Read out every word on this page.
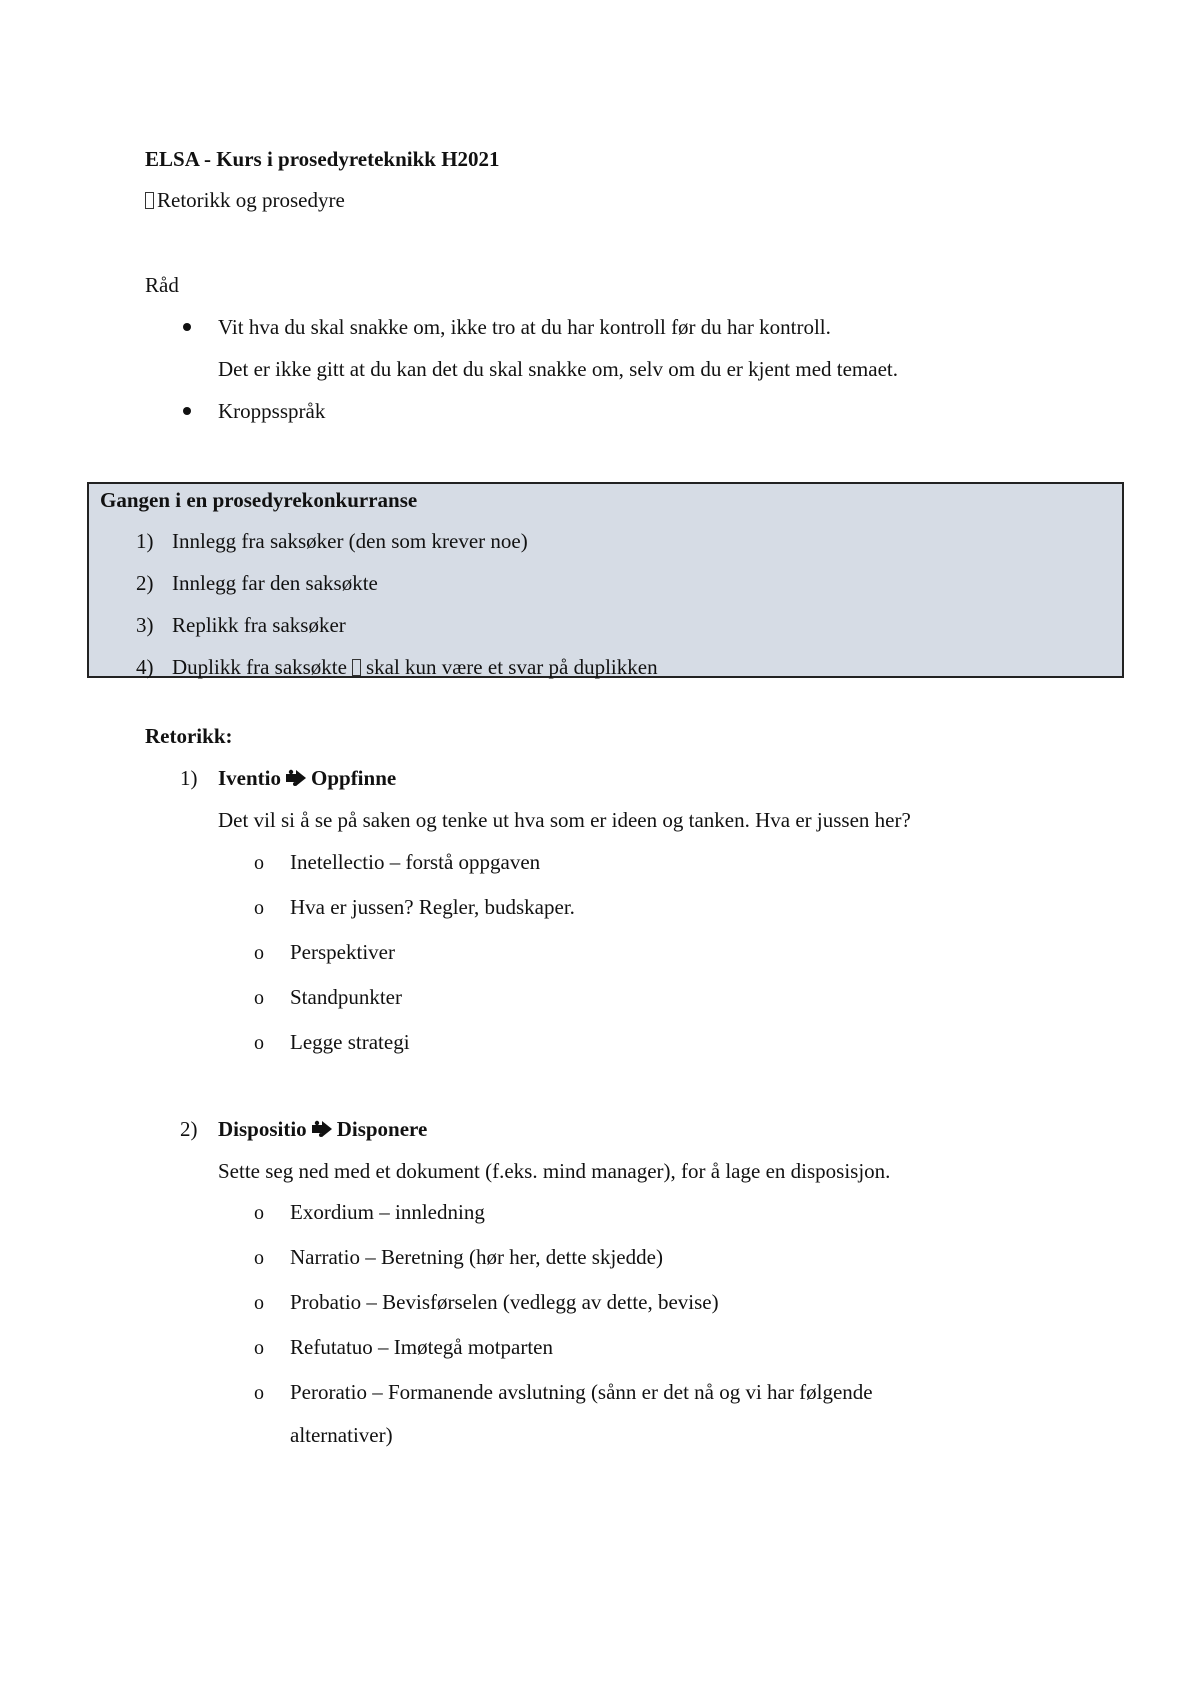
ELSA - Kurs i prosedyreteknikk H2021
Retorikk og prosedyre
Råd
Vit hva du skal snakke om, ikke tro at du har kontroll før du har kontroll.
Det er ikke gitt at du kan det du skal snakke om, selv om du er kjent med temaet.
Kroppsspråk
Gangen i en prosedyrekonkurranse
1) Innlegg fra saksøker (den som krever noe)
2) Innlegg far den saksøkte
3) Replikk fra saksøker
4) Duplikk fra saksøkte skal kun være et svar på duplikken
Retorikk:
1) Iventio Oppfinne
Det vil si å se på saken og tenke ut hva som er ideen og tanken. Hva er jussen her?
o Inetellectio – forstå oppgaven
o Hva er jussen? Regler, budskaper.
o Perspektiver
o Standpunkter
o Legge strategi
2) Dispositio Disponere
Sette seg ned med et dokument (f.eks. mind manager), for å lage en disposisjon.
o Exordium – innledning
o Narratio – Beretning (hør her, dette skjedde)
o Probatio – Bevisførselen (vedlegg av dette, bevise)
o Refutatuo – Imøtegå motparten
o Peroratio – Formanende avslutning (sånn er det nå og vi har følgende
alternativer)
